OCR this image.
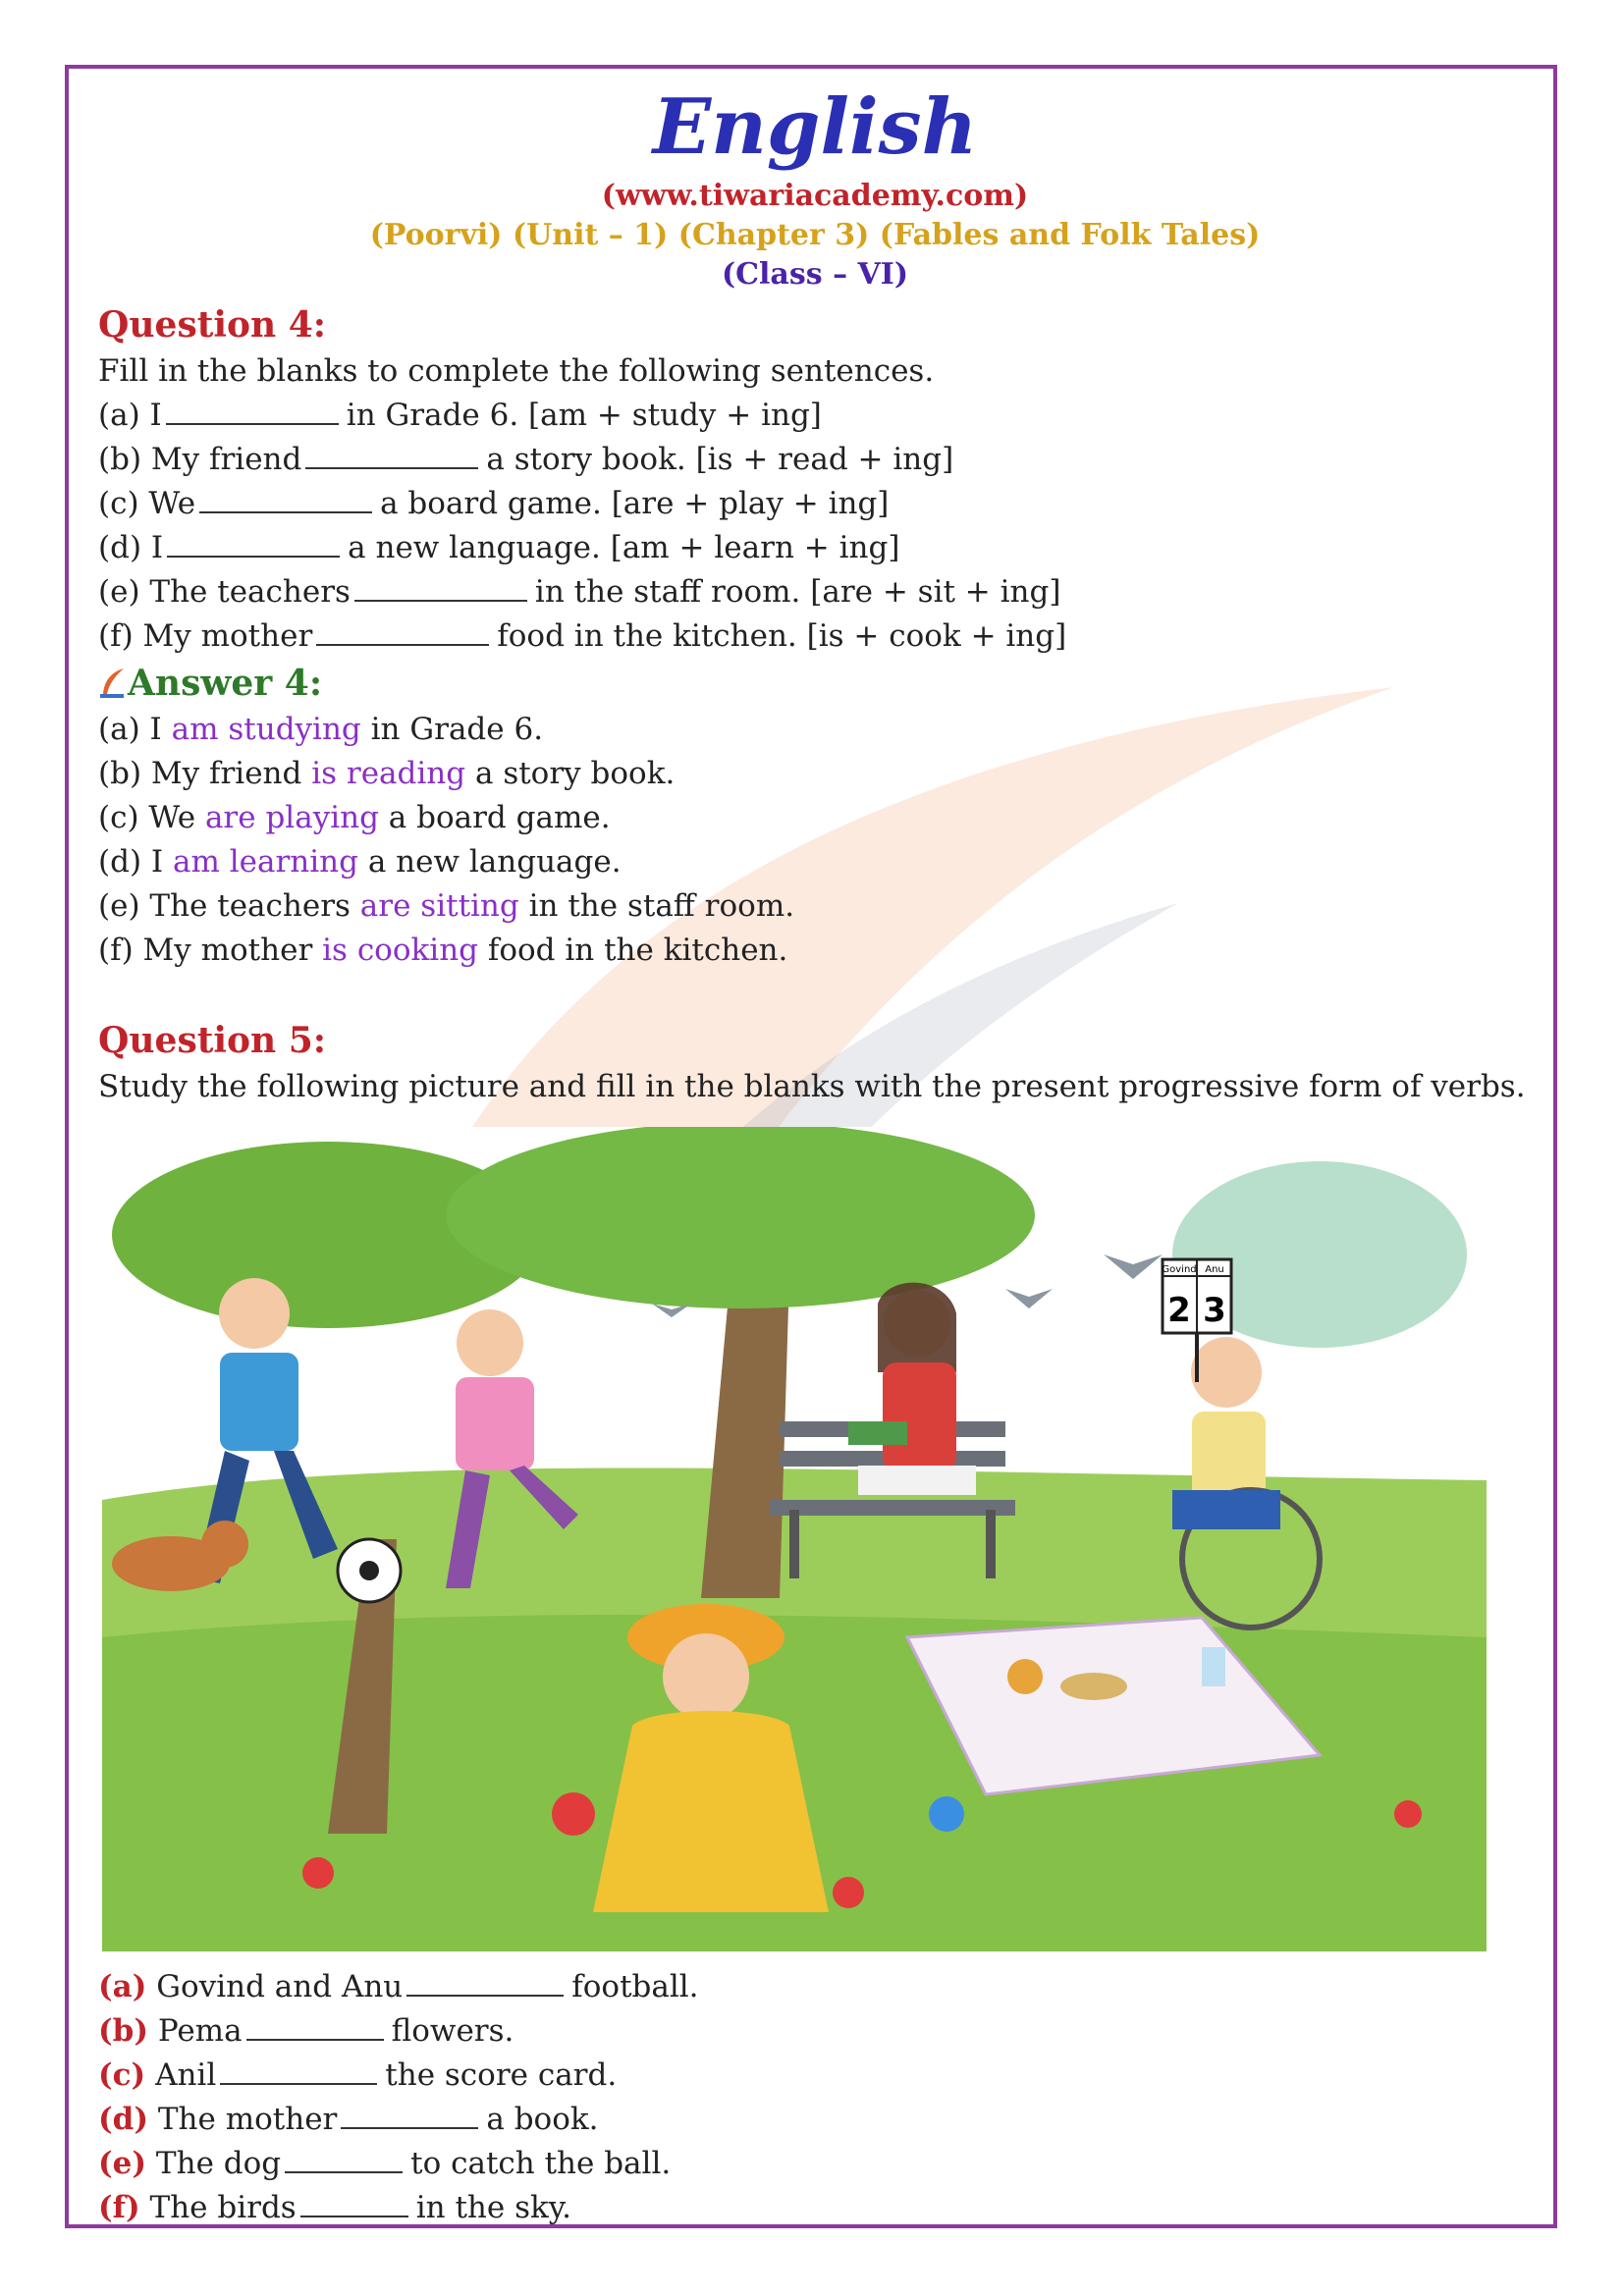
English
(www.tiwariacademy.com)
(Poorvi) (Unit – 1) (Chapter 3) (Fables and Folk Tales)
(Class – VI)
Question 4:
Fill in the blanks to complete the following sentences.
(a) I	in Grade 6. [am + study + ing]
(b) My friend	a story book. [is + read + ing]
(c) We	a board game. [are + play + ing]
(d) I	a new language. [am + learn + ing]
(e) The teachers	in the staff room. [are + sit + ing]
(f) My mother	food in the kitchen. [is + cook + ing]
Answer 4:
(a) I am studying in Grade 6.
(b) My friend is reading a story book.
(c) We are playing a board game.
(d) I am learning a new language.
(e) The teachers are sitting in the staff room.
(f) My mother is cooking food in the kitchen.
Question 5:
Study the following picture and fill in the blanks with the present progressive form of verbs.
Govind Anu
2 3
(a) Govind and Anu	football.
(b) Pema	flowers.
(c) Anil	the score card.
(d) The mother	a book.
(e) The dog	to catch the ball.
(f) The birds	in the sky.
